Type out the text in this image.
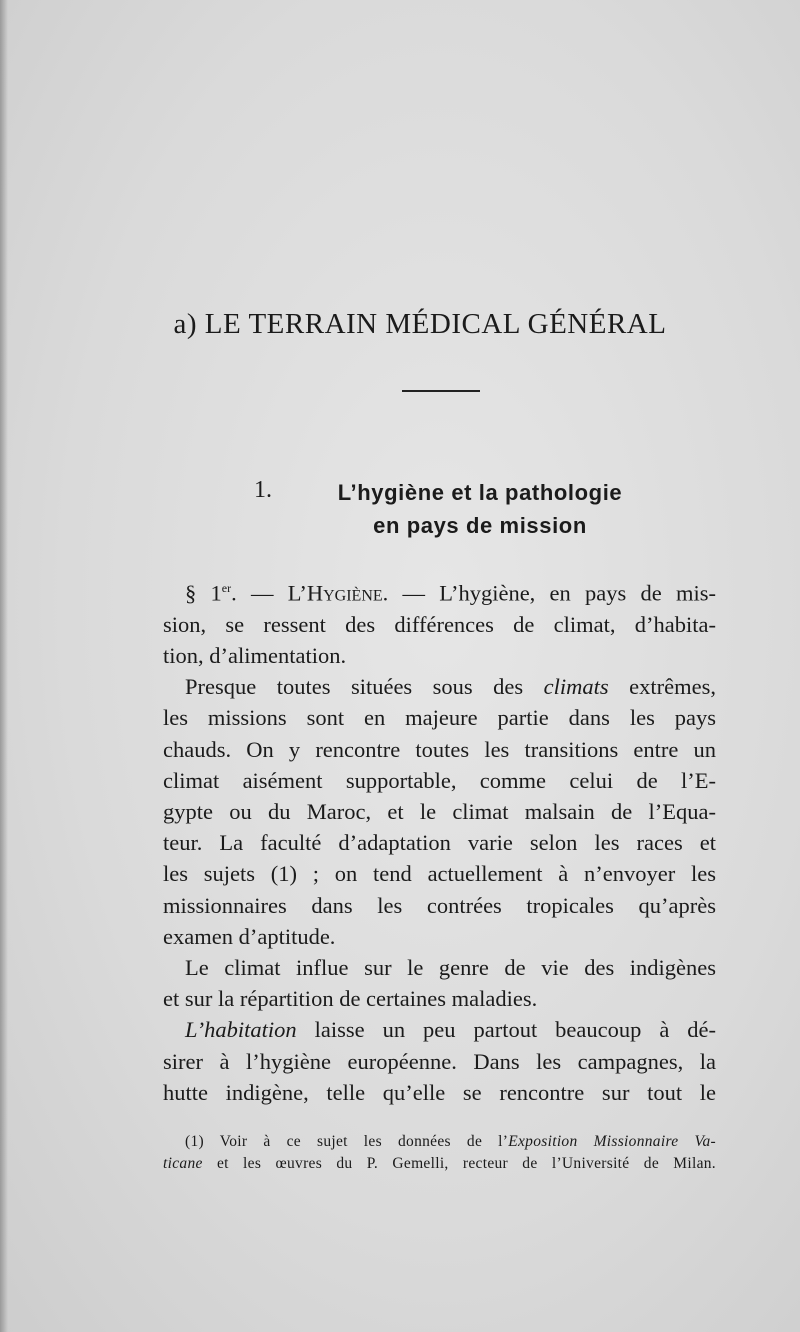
a) LE TERRAIN MÉDICAL GÉNÉRAL
1.	L’hygiène et la pathologie
en pays de mission
§ 1er. — L’Hygiène. — L’hygiène, en pays de mis-
sion, se ressent des différences de climat, d’habita-
tion, d’alimentation.
Presque toutes situées sous des climats extrêmes,
les missions sont en majeure partie dans les pays
chauds. On y rencontre toutes les transitions entre un
climat aisément supportable, comme celui de l’E-
gypte ou du Maroc, et le climat malsain de l’Equa-
teur. La faculté d’adaptation varie selon les races et
les sujets (1) ; on tend actuellement à n’envoyer les
missionnaires dans les contrées tropicales qu’après
examen d’aptitude.
Le climat influe sur le genre de vie des indigènes
et sur la répartition de certaines maladies.
L’habitation laisse un peu partout beaucoup à dé-
sirer à l’hygiène européenne. Dans les campagnes, la
hutte indigène, telle qu’elle se rencontre sur tout le
(1) Voir à ce sujet les données de l’Exposition Missionnaire Va-
ticane et les œuvres du P. Gemelli, recteur de l’Université de Milan.
